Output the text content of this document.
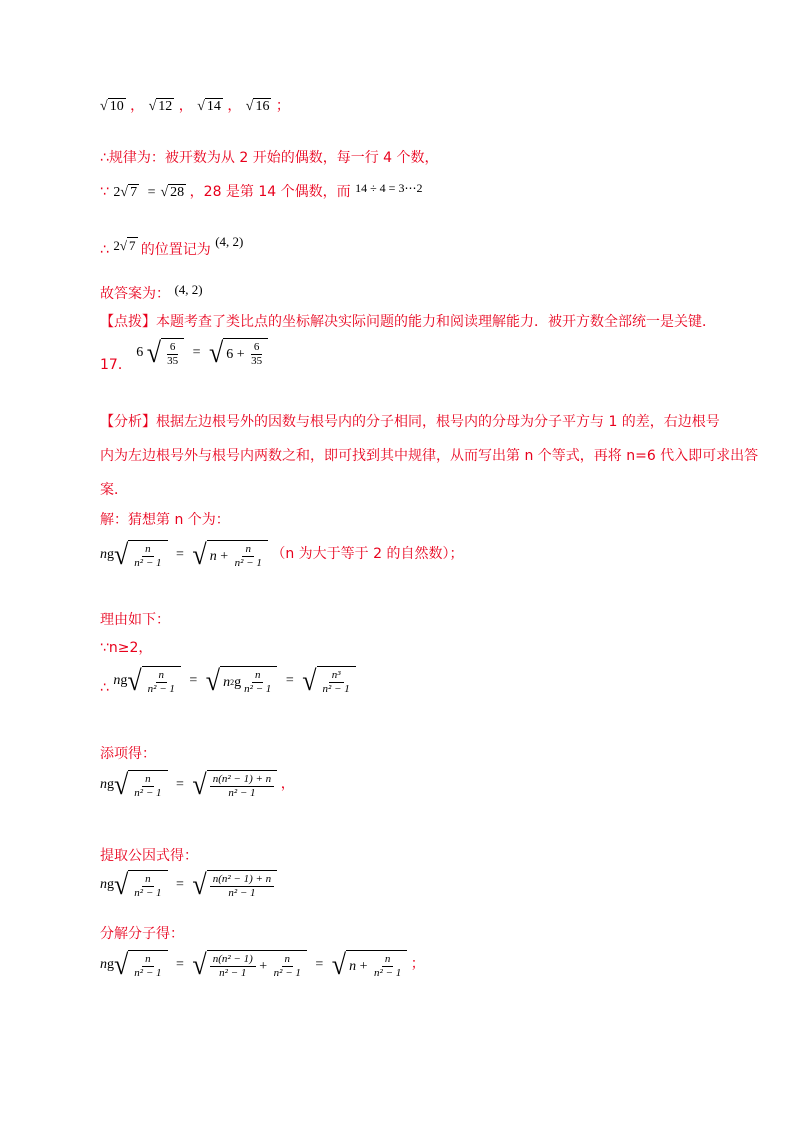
√ 10 ， √ 12 ， √ 14 ， √ 16 ；
∴规律为：被开数为从 2 开始的偶数，每一行 4 个数，
∵ 2√ 7 = √ 28 ，28 是第 14 个偶数，而 14 ÷ 4 = 3⋯2
∴ 2√ 7 的位置记为 (4, 2)
故答案为： (4, 2)
【点拨】本题考查了类比点的坐标解决实际问题的能力和阅读理解能力．被开方数全部统一是关键．
17． 6 √ $\frac{6}{35}$ = √ $6 + \frac{6}{35}$
【分析】根据左边根号外的因数与根号内的分子相同，根号内的分母为分子平方与 1 的差，右边根号
内为左边根号外与根号内两数之和，即可找到其中规律，从而写出第 n 个等式，再将 n=6 代入即可求出答
案．
解：猜想第 n 个为：
ng √ $\frac{n}{\text{n² − 1}}$ = √ n
+
$\frac{n}{\text{n² − 1}} (n$ 为大于等于 2 的自然数）；
理由如下：
∵n≥2，
∴ ng √ $\frac{n}{\text{n² − 1}}$ = √ n 2 g $\frac{n}{\text{n² − 1}}$ = √ $\frac{\text{n³}}{\text{n² − 1}}$
添项得：
ng √ $\frac{n}{\text{n² − 1}}$ = √ $\frac{\text{n(n² − 1) + n}}{\text{n² − 1}}$ ，
提取公因式得：
ng √ $\frac{n}{\text{n² − 1}}$ = √ $\frac{\text{n(n² − 1) + n}}{\text{n² − 1}}$
分解分子得：
ng √ $\frac{n}{\text{n² − 1}}$ = √ $\frac{\text{n(n² − 1)}}{\text{n² − 1}}$
+
$\frac{n}{\text{n² − 1}}$ = √ n
+
$\frac{n}{\text{n² − 1}}$ ；
